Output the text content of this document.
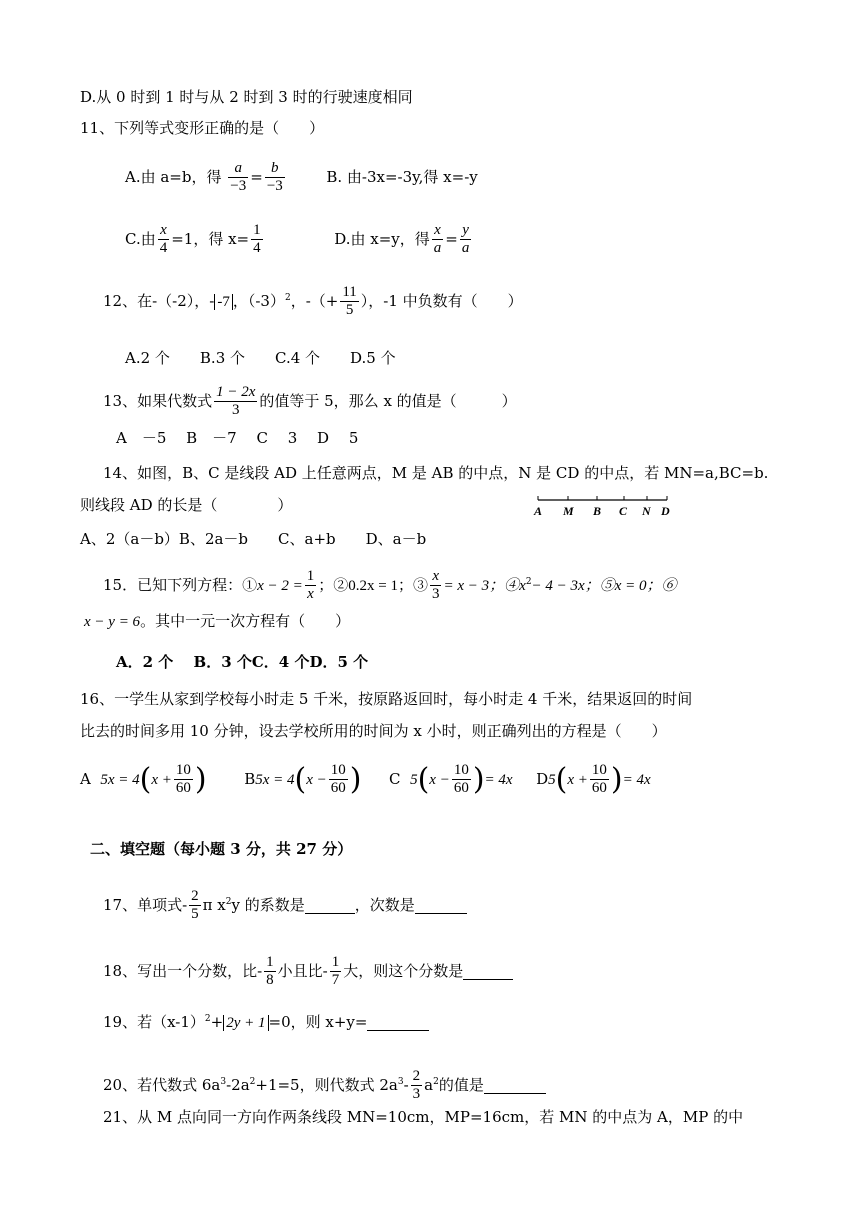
D.从 0 时到 1 时与从 2 时到 3 时的行驶速度相同
11、下列等式变形正确的是（　　）
A.由 a=b，得 $\frac{a}{-3} = \frac{b}{-3}$	B. 由-3x=-3y,得 x=-y
C.由 $\frac{x}{4} =1$，得 $x= \frac{1}{4}$	D.由 x=y，得 $\frac{x}{a} = \frac{y}{a}$
12、在-（-2），- -7 ，$(-3)^2$，-（+ $\frac{11}{5}$ ），-1 中负数有（　　）
A.2 个　　B.3 个　　C.4 个　　D.5 个
13、如果代数式 $\frac{1 - 2x}{3}$ 的值等于 5，那么 x 的值是（　　　）
A　－5　 B　－7　 C　 3　 D　 5
14、如图，B、C 是线段 AD 上任意两点，M 是 AB 的中点，N 是 CD 的中点，若 MN=a,BC=b.
则线段 AD 的长是（　　　　）	A M B C N D
A、2（a－b）B、2a－b　　C、a+b　　D、a－b
15．已知下列方程：①x − $2 = \frac{1}{x}$ ；②0.2x = 1；③ $\frac{x}{3} = x - 3$；$④x^2- 4 - 3x$；⑤x = 0；⑥
x − y = 6。其中一元一次方程有（　　）
A．2 个　 B．3 个C．4 个D．5 个
16、一学生从家到学校每小时走 5 千米，按原路返回时，每小时走 4 千米，结果返回的时间
比去的时间多用 10 分钟，设去学校所用的时间为 x 小时，则正确列出的方程是（　　）
A $5x = 4(x + \frac{10}{60}$ )	$B5x = 4(x - \frac{10}{60}$ ) C $5(x - \frac{10}{60}$ )= 4x $D5(x + \frac{10}{60}$ )= 4x
二、填空题（每小题 3 分，共 27 分）
17、单项式- $\frac{2}{5}$ π $x^2y$ 的系数是	，次数是
18、写出一个分数，比- $\frac{1}{8}$ 小且比- $\frac{1}{7}$ 大，则这个分数是
19、若$(x-1)^2+ 2y + 1 =0$，则 x+y=
20、若代数式 $6a^3-2a^2+1=5$，则代数式 $2a^3- \frac{2}{3} a^2$的值是
21、从 M 点向同一方向作两条线段 MN=10cm，MP=16cm，若 MN 的中点为 A，MP 的中
